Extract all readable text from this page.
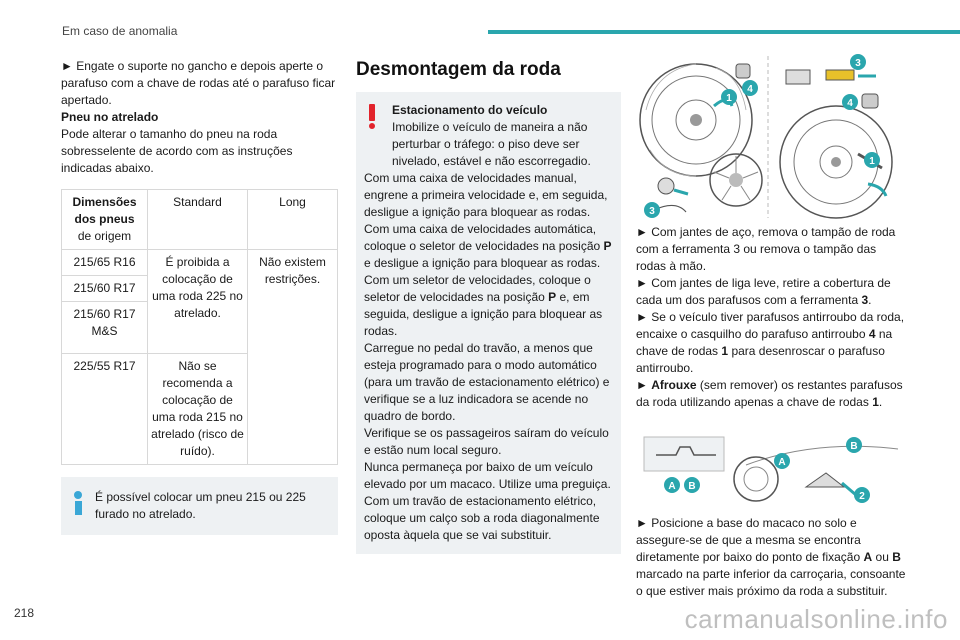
Em caso de anomalia

► Engate o suporte no gancho e depois aperte o parafuso com a chave de rodas até o parafuso ficar apertado.

Pneu no atrelado

Pode alterar o tamanho do pneu na roda sobresselente de acordo com as instruções indicadas abaixo.

Dimensões dos pneus
de origem	Standard	Long
215/65 R16	É proibida a colocação de uma roda 225 no atrelado.	Não existem restrições.
215/60 R17		
215/60 R17 M&S		
225/55 R17	Não se recomenda a colocação de uma roda 215 no atrelado (risco de ruído).	
É possível colocar um pneu 215 ou 225 furado no atrelado.
Desmontagem da roda
Estacionamento do veículo
Imobilize o veículo de maneira a não perturbar o tráfego: o piso deve ser nivelado, estável e não escorregadio.
Com uma caixa de velocidades manual, engrene a primeira velocidade e, em seguida, desligue a ignição para bloquear as rodas.
Com uma caixa de velocidades automática, coloque o seletor de velocidades na posição P e desligue a ignição para bloquear as rodas.
Com um seletor de velocidades, coloque o seletor de velocidades na posição P e, em seguida, desligue a ignição para bloquear as rodas.
Carregue no pedal do travão, a menos que esteja programado para o modo automático (para um travão de estacionamento elétrico) e verifique se a luz indicadora se acende no quadro de bordo.
Verifique se os passageiros saíram do veículo e estão num local seguro.
Nunca permaneça por baixo de um veículo elevado por um macaco. Utilize uma preguiça.
Com um travão de estacionamento elétrico, coloque um calço sob a roda diagonalmente oposta àquela que se vai substituir.
1
4
3
3
4
1

► Com jantes de aço, remova o tampão de roda com a ferramenta 3 ou remova o tampão das rodas à mão.

► Com jantes de liga leve, retire a cobertura de cada um dos parafusos com a ferramenta 3.

► Se o veículo tiver parafusos antirroubo da roda, encaixe o casquilho do parafuso antirroubo 4 na chave de rodas 1 para desenroscar o parafuso antirroubo.

► Afrouxe (sem remover) os restantes parafusos da roda utilizando apenas a chave de rodas 1.

A B
A
B
2

► Posicione a base do macaco no solo e assegure-se de que a mesma se encontra diretamente por baixo do ponto de fixação A ou B marcado na parte inferior da carroçaria, consoante o que estiver mais próximo da roda a substituir.

218	carmanualsonline.info
